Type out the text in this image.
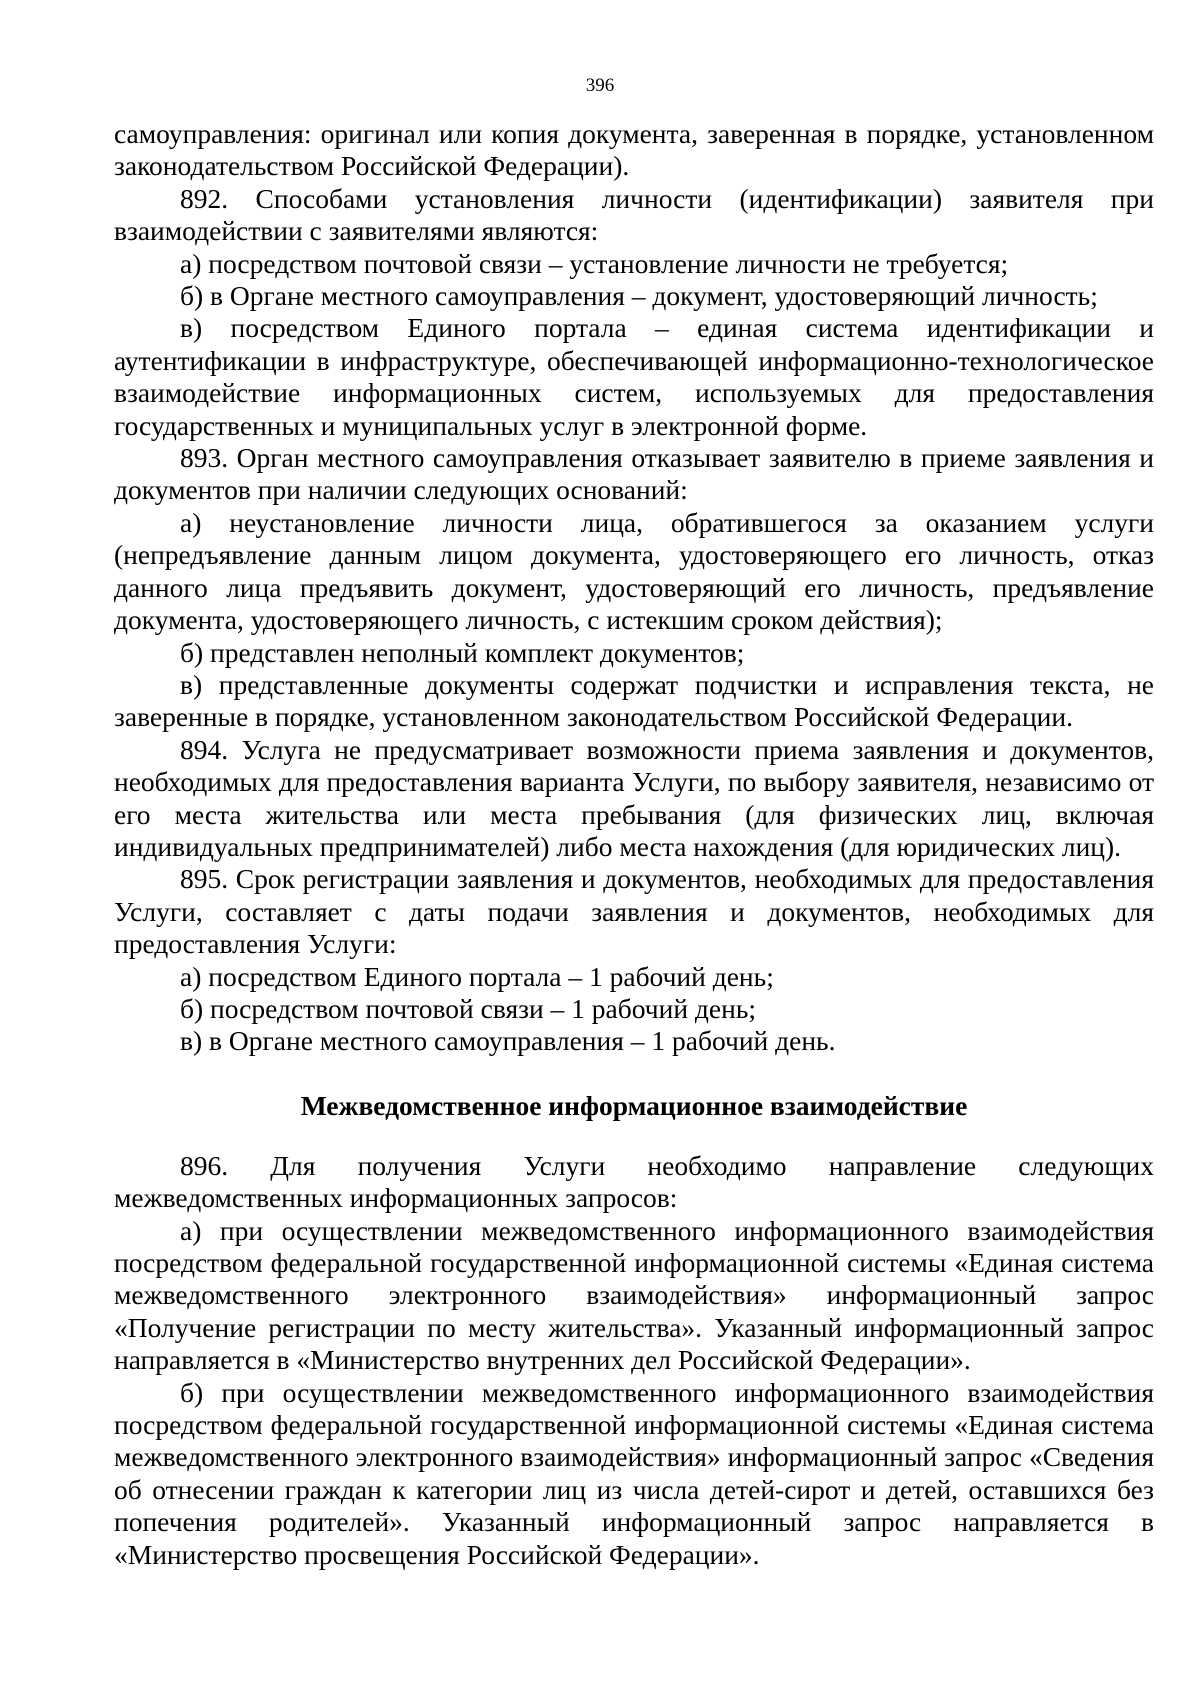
396

самоуправления: оригинал или копия документа, заверенная в порядке, установленном законодательством Российской Федерации).

892. Способами установления личности (идентификации) заявителя при взаимодействии с заявителями являются:

а) посредством почтовой связи – установление личности не требуется;

б) в Органе местного самоуправления – документ, удостоверяющий личность;

в) посредством Единого портала – единая система идентификации и аутентификации в инфраструктуре, обеспечивающей информационно-технологическое взаимодействие информационных систем, используемых для предоставления государственных и муниципальных услуг в электронной форме.

893. Орган местного самоуправления отказывает заявителю в приеме заявления и документов при наличии следующих оснований:

а) неустановление личности лица, обратившегося за оказанием услуги (непредъявление данным лицом документа, удостоверяющего его личность, отказ данного лица предъявить документ, удостоверяющий его личность, предъявление документа, удостоверяющего личность, с истекшим сроком действия);

б) представлен неполный комплект документов;

в) представленные документы содержат подчистки и исправления текста, не заверенные в порядке, установленном законодательством Российской Федерации.

894. Услуга не предусматривает возможности приема заявления и документов, необходимых для предоставления варианта Услуги, по выбору заявителя, независимо от его места жительства или места пребывания (для физических лиц, включая индивидуальных предпринимателей) либо места нахождения (для юридических лиц).

895. Срок регистрации заявления и документов, необходимых для предоставления Услуги, составляет с даты подачи заявления и документов, необходимых для предоставления Услуги:

а) посредством Единого портала – 1 рабочий день;

б) посредством почтовой связи – 1 рабочий день;

в) в Органе местного самоуправления – 1 рабочий день.

Межведомственное информационное взаимодействие

896. Для получения Услуги необходимо направление следующих межведомственных информационных запросов:

а) при осуществлении межведомственного информационного взаимодействия посредством федеральной государственной информационной системы «Единая система межведомственного электронного взаимодействия» информационный запрос «Получение регистрации по месту жительства». Указанный информационный запрос направляется в «Министерство внутренних дел Российской Федерации».

б) при осуществлении межведомственного информационного взаимодействия посредством федеральной государственной информационной системы «Единая система межведомственного электронного взаимодействия» информационный запрос «Сведения об отнесении граждан к категории лиц из числа детей-сирот и детей, оставшихся без попечения родителей». Указанный информационный запрос направляется в «Министерство просвещения Российской Федерации».
